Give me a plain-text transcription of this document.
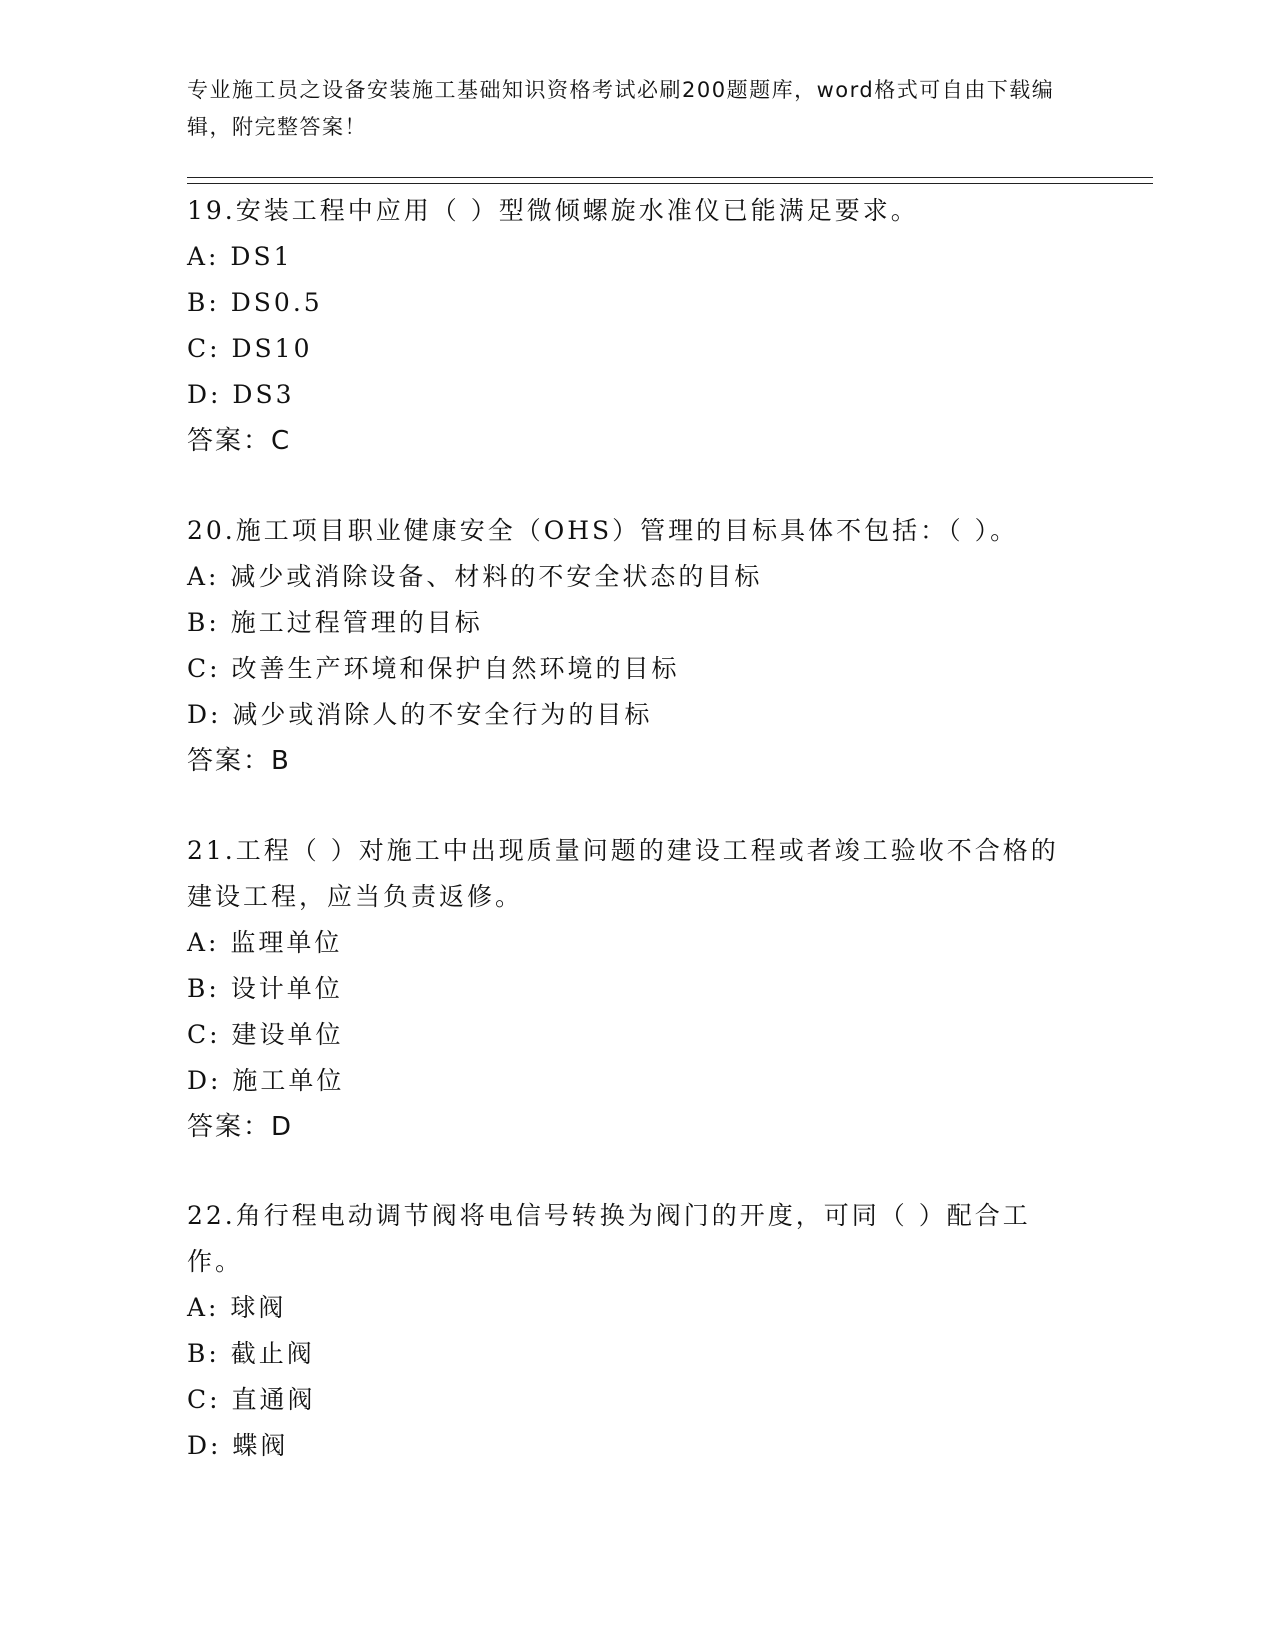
专业施工员之设备安装施工基础知识资格考试必刷200题题库，word格式可自由下载编辑，附完整答案！
19.安装工程中应用（ ）型微倾螺旋水准仪已能满足要求。
A: DS1
B: DS0.5
C: DS10
D: DS3
答案：C
20.施工项目职业健康安全（OHS）管理的目标具体不包括：（ ）。
A: 减少或消除设备、材料的不安全状态的目标
B: 施工过程管理的目标
C: 改善生产环境和保护自然环境的目标
D: 减少或消除人的不安全行为的目标
答案：B
21.工程（ ）对施工中出现质量问题的建设工程或者竣工验收不合格的建设工程，应当负责返修。
A: 监理单位
B: 设计单位
C: 建设单位
D: 施工单位
答案：D
22.角行程电动调节阀将电信号转换为阀门的开度，可同（ ）配合工作。
A: 球阀
B: 截止阀
C: 直通阀
D: 蝶阀
